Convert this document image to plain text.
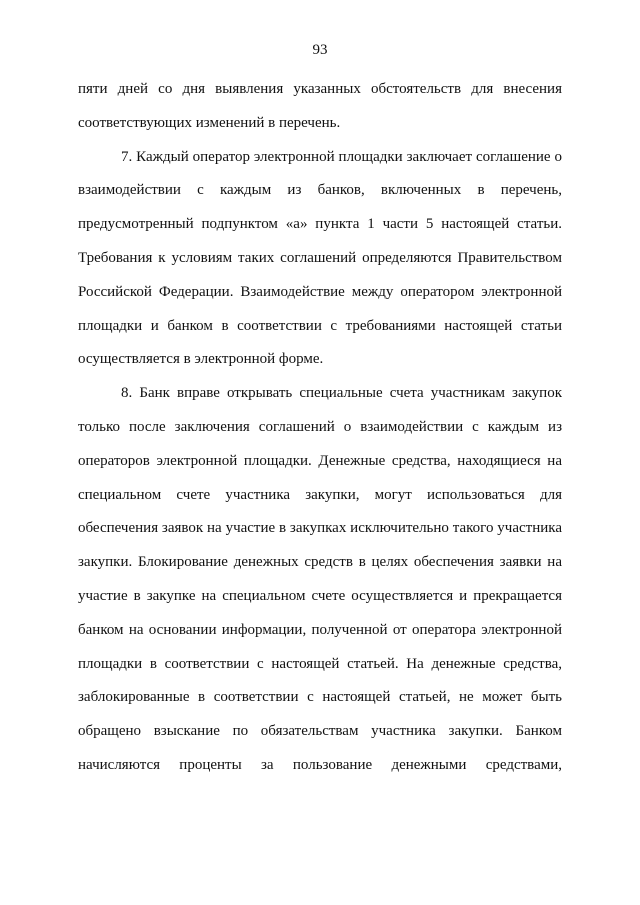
93
пяти дней со дня выявления указанных обстоятельств для внесения
соответствующих изменений в перечень.
7. Каждый оператор электронной площадки заключает соглашение о
взаимодействии с каждым из банков, включенных в перечень,
предусмотренный подпунктом «а» пункта 1 части 5 настоящей статьи.
Требования к условиям таких соглашений определяются Правительством
Российской Федерации. Взаимодействие между оператором электронной
площадки и банком в соответствии с требованиями настоящей статьи
осуществляется в электронной форме.
8. Банк вправе открывать специальные счета участникам закупок
только после заключения соглашений о взаимодействии с каждым из
операторов электронной площадки. Денежные средства, находящиеся на
специальном счете участника закупки, могут использоваться для
обеспечения заявок на участие в закупках исключительно такого участника
закупки. Блокирование денежных средств в целях обеспечения заявки на
участие в закупке на специальном счете осуществляется и прекращается
банком на основании информации, полученной от оператора электронной
площадки в соответствии с настоящей статьей. На денежные средства,
заблокированные в соответствии с настоящей статьей, не может быть
обращено взыскание по обязательствам участника закупки. Банком
начисляются проценты за пользование денежными средствами,
